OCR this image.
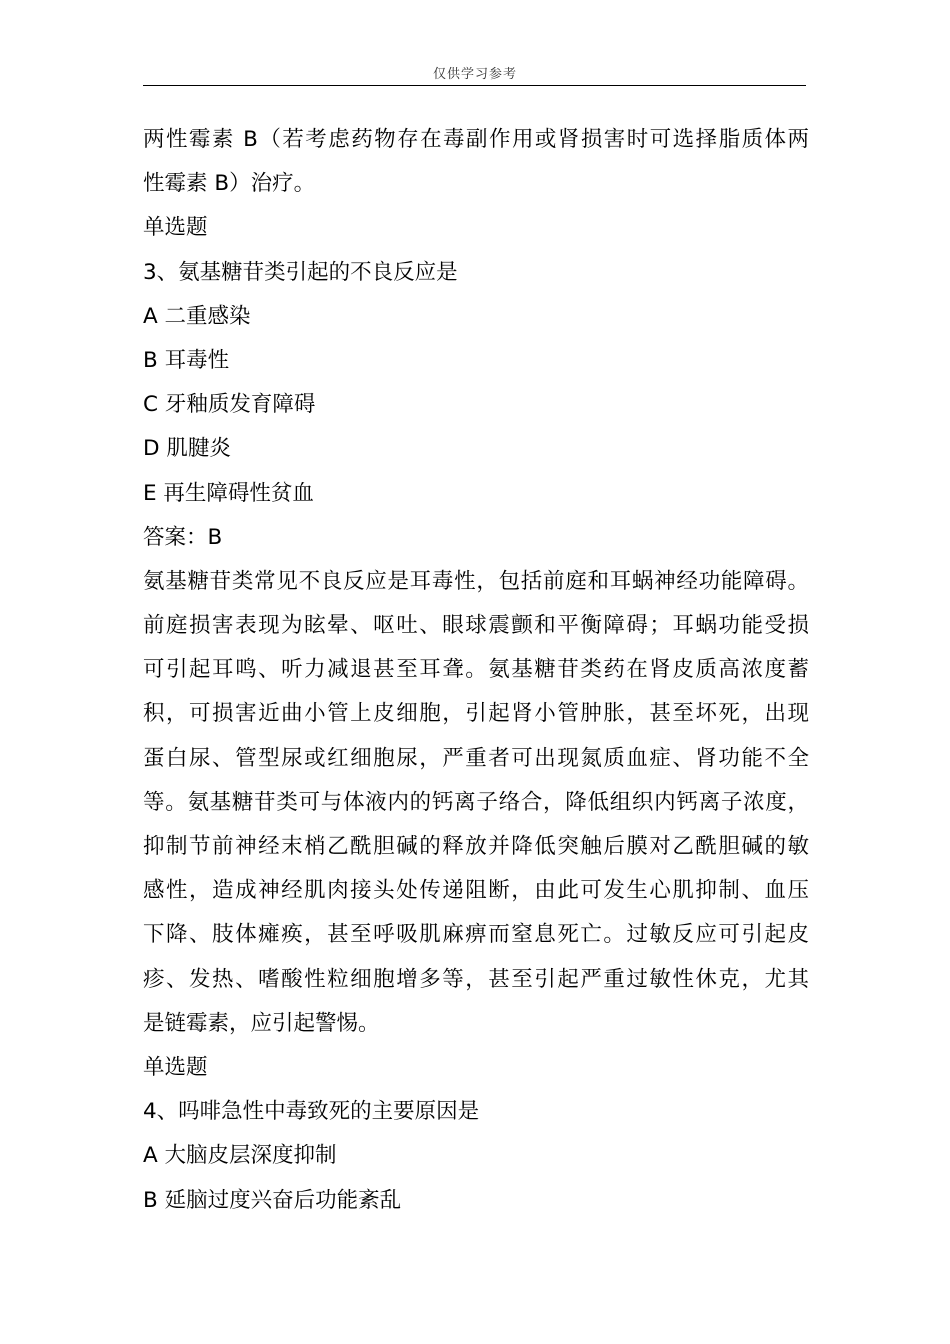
仅供学习参考
两性霉素 B（若考虑药物存在毒副作用或肾损害时可选择脂质体两
性霉素 B）治疗。
单选题
3、氨基糖苷类引起的不良反应是
A 二重感染
B 耳毒性
C 牙釉质发育障碍
D 肌腱炎
E 再生障碍性贫血
答案：B
氨基糖苷类常见不良反应是耳毒性，包括前庭和耳蜗神经功能障碍。
前庭损害表现为眩晕、呕吐、眼球震颤和平衡障碍；耳蜗功能受损
可引起耳鸣、听力减退甚至耳聋。氨基糖苷类药在肾皮质高浓度蓄
积，可损害近曲小管上皮细胞，引起肾小管肿胀，甚至坏死，出现
蛋白尿、管型尿或红细胞尿，严重者可出现氮质血症、肾功能不全
等。氨基糖苷类可与体液内的钙离子络合，降低组织内钙离子浓度，
抑制节前神经末梢乙酰胆碱的释放并降低突触后膜对乙酰胆碱的敏
感性，造成神经肌肉接头处传递阻断，由此可发生心肌抑制、血压
下降、肢体瘫痪，甚至呼吸肌麻痹而窒息死亡。过敏反应可引起皮
疹、发热、嗜酸性粒细胞增多等，甚至引起严重过敏性休克，尤其
是链霉素，应引起警惕。
单选题
4、吗啡急性中毒致死的主要原因是
A 大脑皮层深度抑制
B 延脑过度兴奋后功能紊乱
